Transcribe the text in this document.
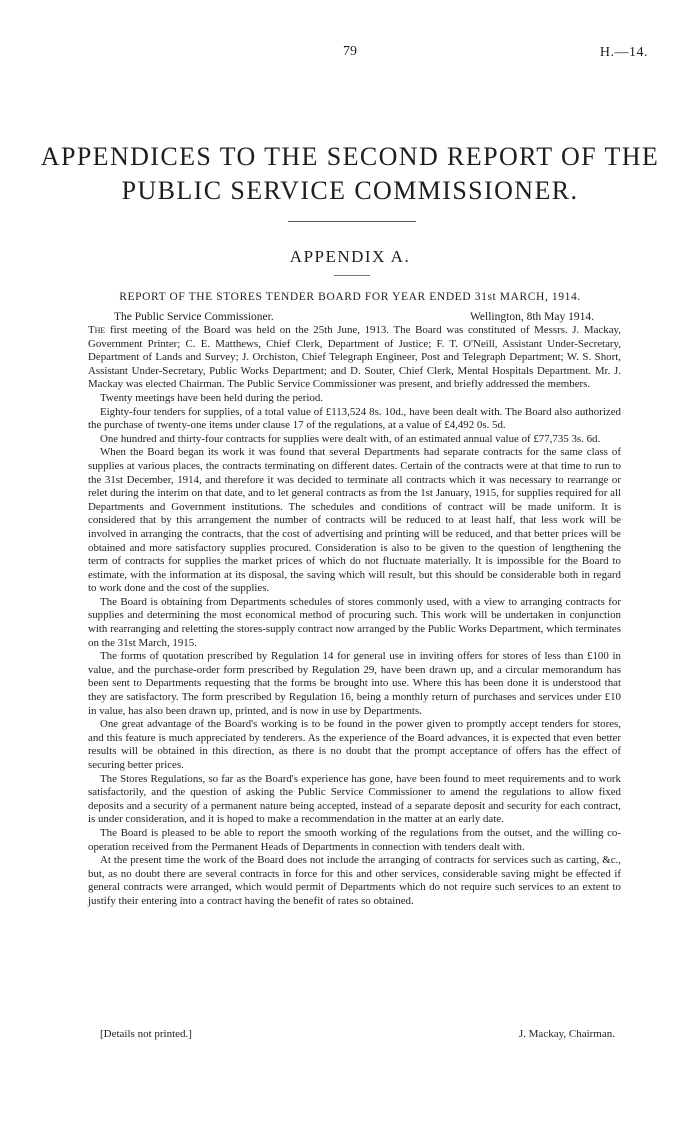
79	H.—14.
APPENDICES TO THE SECOND REPORT OF THE
PUBLIC SERVICE COMMISSIONER.
APPENDIX A.
REPORT OF THE STORES TENDER BOARD FOR YEAR ENDED 31st MARCH, 1914.
The Public Service Commissioner.	Wellington, 8th May 1914.

The first meeting of the Board was held on the 25th June, 1913. The Board was constituted of Messrs. J. Mackay, Government Printer; C. E. Matthews, Chief Clerk, Department of Justice; F. T. O'Neill, Assistant Under-Secretary, Department of Lands and Survey; J. Orchiston, Chief Telegraph Engineer, Post and Telegraph Department; W. S. Short, Assistant Under-Secretary, Public Works Department; and D. Souter, Chief Clerk, Mental Hospitals Department. Mr. J. Mackay was elected Chairman. The Public Service Commissioner was present, and briefly addressed the members.

Twenty meetings have been held during the period.

Eighty-four tenders for supplies, of a total value of £113,524 8s. 10d., have been dealt with. The Board also authorized the purchase of twenty-one items under clause 17 of the regulations, at a value of £4,492 0s. 5d.

One hundred and thirty-four contracts for supplies were dealt with, of an estimated annual value of £77,735 3s. 6d.

When the Board began its work it was found that several Departments had separate contracts for the same class of supplies at various places, the contracts terminating on different dates. Certain of the contracts were at that time to run to the 31st December, 1914, and therefore it was decided to terminate all contracts which it was necessary to rearrange or relet during the interim on that date, and to let general contracts as from the 1st January, 1915, for supplies required for all Departments and Government institutions. The schedules and conditions of contract will be made uniform. It is considered that by this arrangement the number of contracts will be reduced to at least half, that less work will be involved in arranging the contracts, that the cost of advertising and printing will be reduced, and that better prices will be obtained and more satisfactory supplies procured. Consideration is also to be given to the question of lengthening the term of contracts for supplies the market prices of which do not fluctuate materially. It is impossible for the Board to estimate, with the information at its disposal, the saving which will result, but this should be considerable both in regard to work done and the cost of the supplies.

The Board is obtaining from Departments schedules of stores commonly used, with a view to arranging contracts for supplies and determining the most economical method of procuring such. This work will be undertaken in conjunction with rearranging and reletting the stores-supply contract now arranged by the Public Works Department, which terminates on the 31st March, 1915.

The forms of quotation prescribed by Regulation 14 for general use in inviting offers for stores of less than £100 in value, and the purchase-order form prescribed by Regulation 29, have been drawn up, and a circular memorandum has been sent to Departments requesting that the forms be brought into use. Where this has been done it is understood that they are satisfactory. The form prescribed by Regulation 16, being a monthly return of purchases and services under £10 in value, has also been drawn up, printed, and is now in use by Departments.

One great advantage of the Board's working is to be found in the power given to promptly accept tenders for stores, and this feature is much appreciated by tenderers. As the experience of the Board advances, it is expected that even better results will be obtained in this direction, as there is no doubt that the prompt acceptance of offers has the effect of securing better prices.

The Stores Regulations, so far as the Board's experience has gone, have been found to meet requirements and to work satisfactorily, and the question of asking the Public Service Commissioner to amend the regulations to allow fixed deposits and a security of a permanent nature being accepted, instead of a separate deposit and security for each contract, is under consideration, and it is hoped to make a recommendation in the matter at an early date.

The Board is pleased to be able to report the smooth working of the regulations from the outset, and the willing co-operation received from the Permanent Heads of Departments in connection with tenders dealt with.

At the present time the work of the Board does not include the arranging of contracts for services such as carting, &c., but, as no doubt there are several contracts in force for this and other services, considerable saving might be effected if general contracts were arranged, which would permit of Departments which do not require such services to an extent to justify their entering into a contract having the benefit of rates so obtained.

[Details not printed.]	J. Mackay, Chairman.
